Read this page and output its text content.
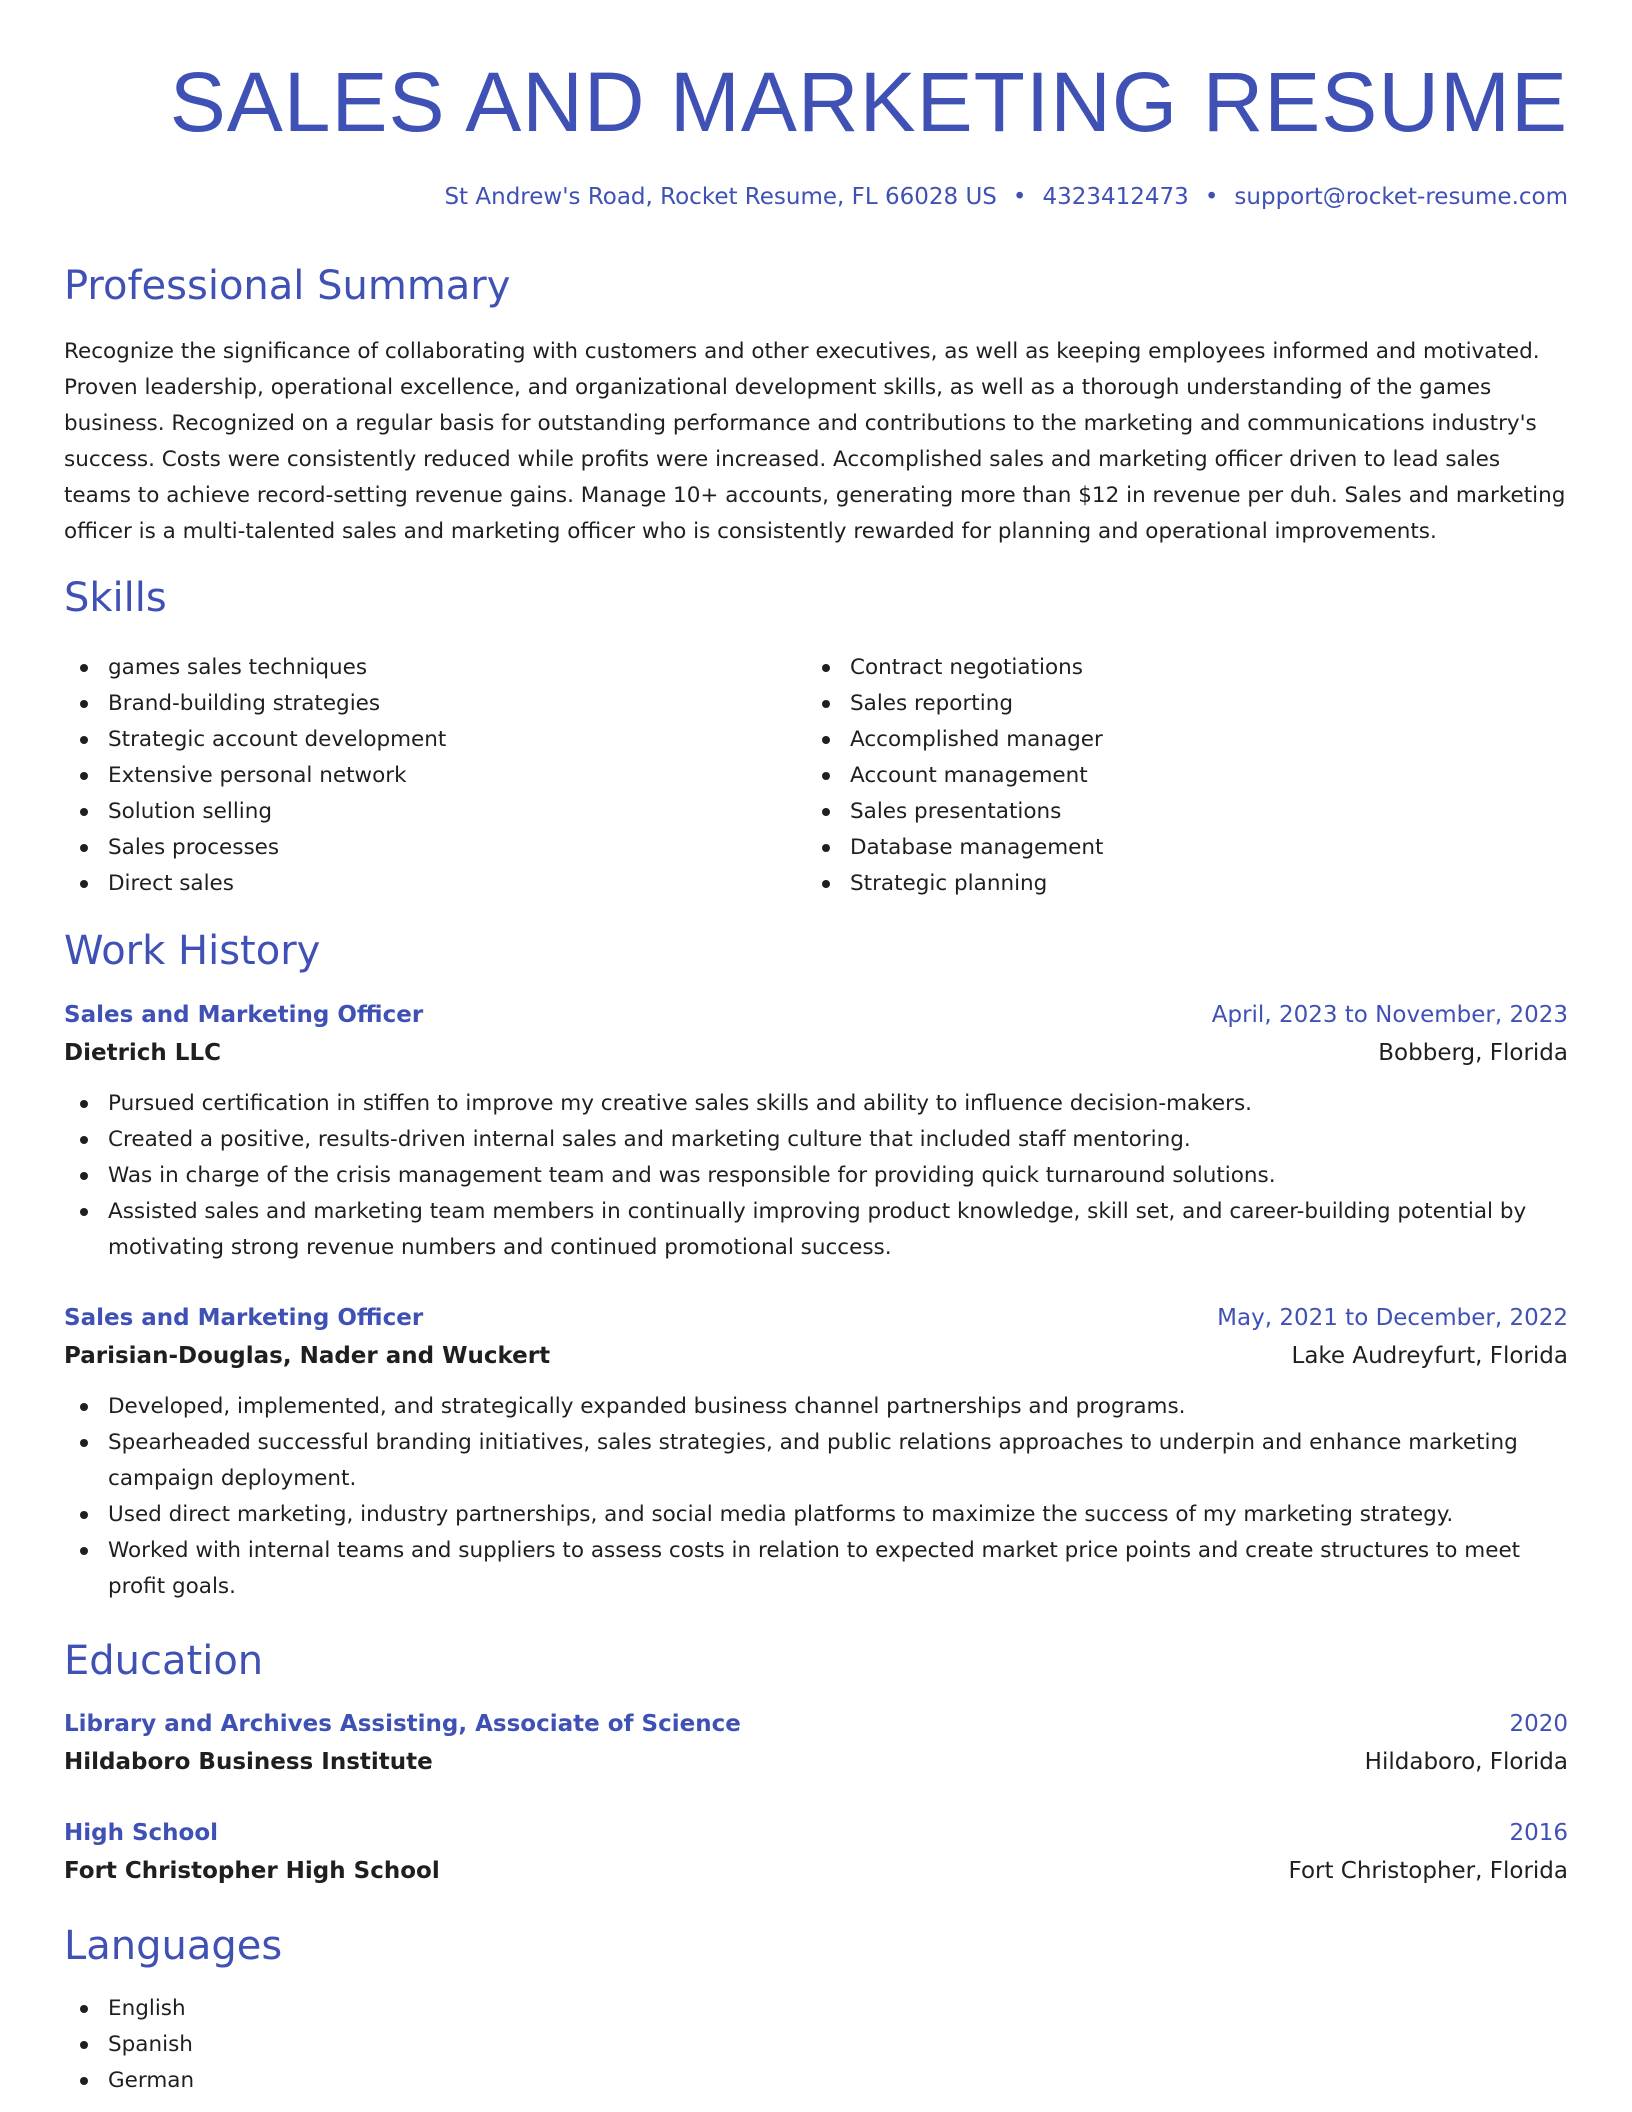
SALES AND MARKETING RESUME
St Andrew's Road, Rocket Resume, FL 66028 US • 4323412473 • support@rocket-resume.com
Professional Summary

Recognize the significance of collaborating with customers and other executives, as well as keeping employees informed and motivated. Proven leadership, operational excellence, and organizational development skills, as well as a thorough understanding of the games business. Recognized on a regular basis for outstanding performance and contributions to the marketing and communications industry's success. Costs were consistently reduced while profits were increased. Accomplished sales and marketing officer driven to lead sales teams to achieve record-setting revenue gains. Manage 10+ accounts, generating more than $12 in revenue per duh. Sales and marketing officer is a multi-talented sales and marketing officer who is consistently rewarded for planning and operational improvements.

Skills
games sales techniques
Brand-building strategies
Strategic account development
Extensive personal network
Solution selling
Sales processes
Direct sales
Contract negotiations
Sales reporting
Accomplished manager
Account management
Sales presentations
Database management
Strategic planning
Work History
Sales and Marketing Officer	April, 2023 to November, 2023
Dietrich LLC	Bobberg, Florida
Pursued certification in stiffen to improve my creative sales skills and ability to influence decision-makers.
Created a positive, results-driven internal sales and marketing culture that included staff mentoring.
Was in charge of the crisis management team and was responsible for providing quick turnaround solutions.
Assisted sales and marketing team members in continually improving product knowledge, skill set, and career-building potential by motivating strong revenue numbers and continued promotional success.
Sales and Marketing Officer	May, 2021 to December, 2022
Parisian-Douglas, Nader and Wuckert	Lake Audreyfurt, Florida
Developed, implemented, and strategically expanded business channel partnerships and programs.
Spearheaded successful branding initiatives, sales strategies, and public relations approaches to underpin and enhance marketing campaign deployment.
Used direct marketing, industry partnerships, and social media platforms to maximize the success of my marketing strategy.
Worked with internal teams and suppliers to assess costs in relation to expected market price points and create structures to meet profit goals.
Education
Library and Archives Assisting, Associate of Science	2020
Hildaboro Business Institute	Hildaboro, Florida
High School	2016
Fort Christopher High School	Fort Christopher, Florida
Languages
English
Spanish
German
